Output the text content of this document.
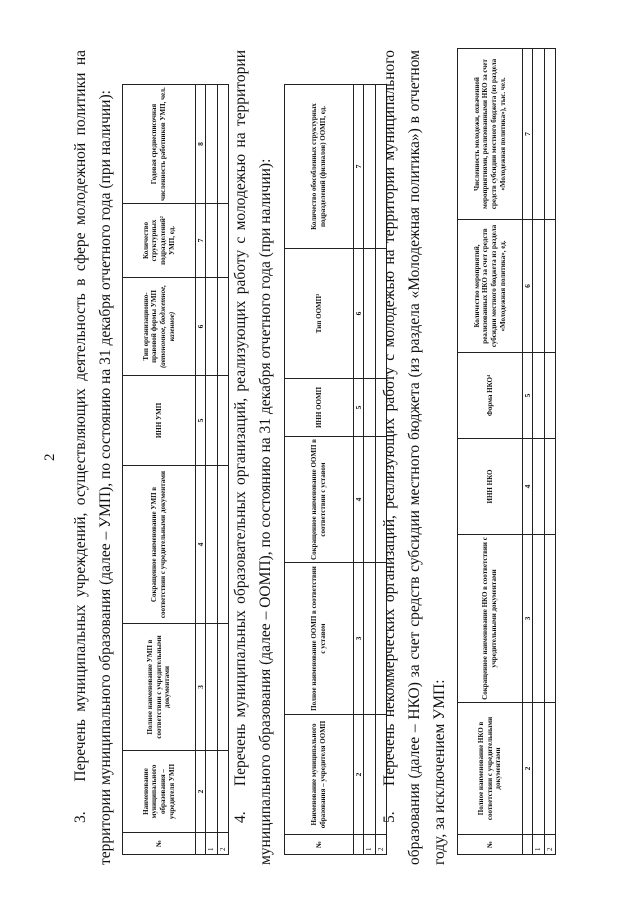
2

3.    Перечень муниципальных учреждений, осуществляющих деятельность в сфере молодежной политики на территории муниципального образования (далее – УМП), по состоянию на 31 декабря отчетного года (при наличии):	№	Наименование муниципального образования – учредителя УМП	Полное наименование УМП в соответствии с учредительными документами	Сокращенное наименование УМП в соответствии с учредительными документами	ИНН УМП	Тип организационно-правовой формы УМП (автономное, бюджетное, казенное)	Количество структурных подразделений² УМП, ед.	Годовая среднесписочная численность работников УМП, чел.
	2	3	4	5	6	7	8
1							
2							

4.    Перечень муниципальных образовательных организаций, реализующих работу с молодежью на территории муниципального образования (далее – ООМП), по состоянию на 31 декабря отчетного года (при наличии):	№	Наименование муниципального образования – учредителя ООМП	Полное наименование ООМП в соответствии с уставом	Сокращенное наименование ООМП в соответствии с уставом	ИНН ООМП	Тип ООМП³	Количество обособленных структурных подразделений (филиалов) ООМП, ед.
	2	3	4	5	6	7
1						
2						

5.    Перечень некоммерческих организаций, реализующих работу с молодежью на территории муниципального образования (далее – НКО) за счет средств субсидии местного бюджета (из раздела «Молодежная политика») в отчетном году, за исключением УМП:	№	Полное наименование НКО в соответствии с учредительными документами	Сокращенное наименование НКО в соответствии с учредительными документами	ИНН НКО	Форма НКО⁴	Количество мероприятий, реализованных НКО за счет средств субсидии местного бюджета из раздела «Молодежная политика», ед.	Численность молодежи, охваченной мероприятиями, реализованными НКО за счет средств субсидии местного бюджета (из раздела «Молодежная политика»), тыс. чел.
	2	3	4	5	6	7
1						
2						
